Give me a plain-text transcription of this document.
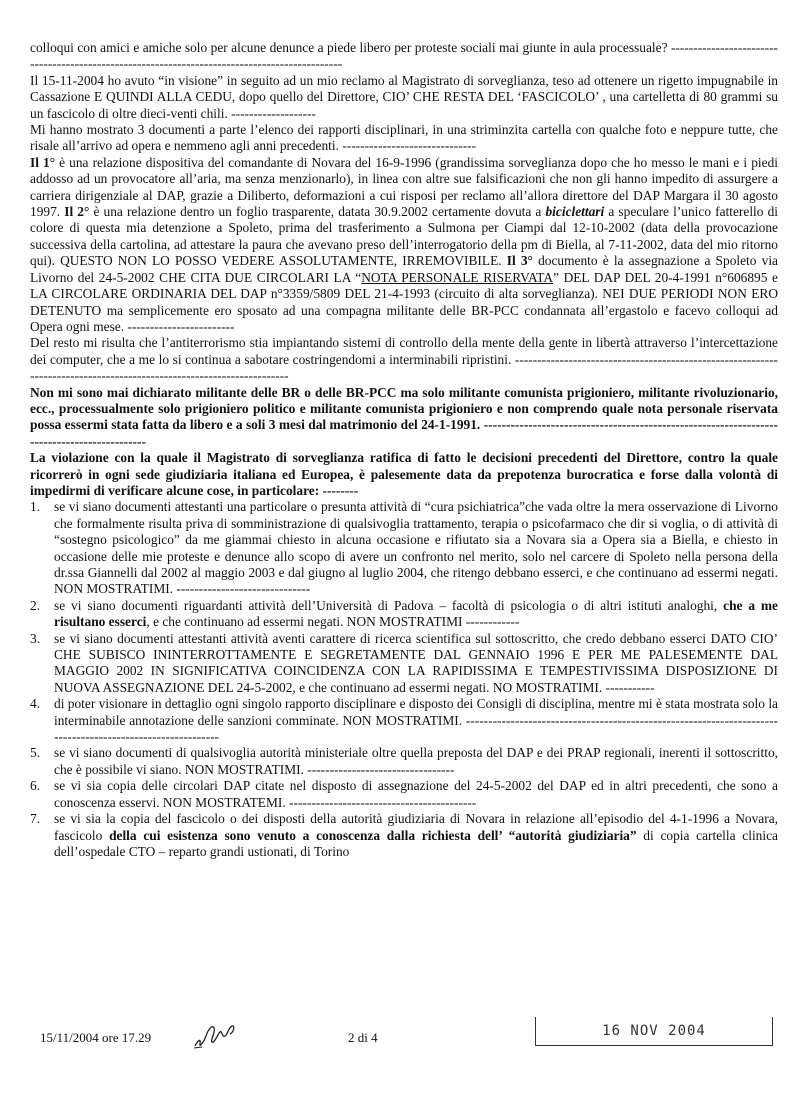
colloqui con amici e amiche solo per alcune denunce a piede libero per proteste sociali mai giunte in aula processuale? ----------------------------------------------------------------------------------------------

Il 15-11-2004 ho avuto “in visione” in seguito ad un mio reclamo al Magistrato di sorveglianza, teso ad ottenere un rigetto impugnabile in Cassazione E QUINDI ALLA CEDU, dopo quello del Direttore, CIO’ CHE RESTA DEL ‘FASCICOLO’ , una cartelletta di 80 grammi su un fascicolo di oltre dieci-venti chili. -------------------

Mi hanno mostrato 3 documenti a parte l’elenco dei rapporti disciplinari, in una striminzita cartella con qualche foto e neppure tutte, che risale all’arrivo ad opera e nemmeno agli anni precedenti. ------------------------------

Il 1° è una relazione dispositiva del comandante di Novara del 16-9-1996 (grandissima sorveglianza dopo che ho messo le mani e i piedi addosso ad un provocatore all’aria, ma senza menzionarlo), in linea con altre sue falsificazioni che non gli hanno impedito di assurgere a carriera dirigenziale al DAP, grazie a Diliberto, deformazioni a cui risposi per reclamo all’allora direttore del DAP Margara il 30 agosto 1997. Il 2° è una relazione dentro un foglio trasparente, datata 30.9.2002 certamente dovuta a biciclettari a speculare l’unico fatterello di colore di questa mia detenzione a Spoleto, prima del trasferimento a Sulmona per Ciampi dal 12-10-2002 (data della provocazione successiva della cartolina, ad attestare la paura che avevano preso dell’interrogatorio della pm di Biella, al 7-11-2002, data del mio ritorno qui). QUESTO NON LO POSSO VEDERE ASSOLUTAMENTE, IRREMOVIBILE. Il 3° documento è la assegnazione a Spoleto via Livorno del 24-5-2002 CHE CITA DUE CIRCOLARI LA “NOTA PERSONALE RISERVATA” DEL DAP DEL 20-4-1991 n°606895 e LA CIRCOLARE ORDINARIA DEL DAP n°3359/5809 DEL 21-4-1993 (circuito di alta sorveglianza). NEI DUE PERIODI NON ERO DETENUTO ma semplicemente ero sposato ad una compagna militante delle BR-PCC condannata all’ergastolo e facevo colloqui ad Opera ogni mese. ------------------------

Del resto mi risulta che l’antiterrorismo stia impiantando sistemi di controllo della mente della gente in libertà attraverso l’intercettazione dei computer, che a me lo si continua a sabotare costringendomi a interminabili ripristini. ---------------------------------------------------------------------------------------------------------------------

Non mi sono mai dichiarato militante delle BR o delle BR-PCC ma solo militante comunista prigioniero, militante rivoluzionario, ecc., processualmente solo prigioniero politico e militante comunista prigioniero e non comprendo quale nota personale riservata possa essermi stata fatta da libero e a soli 3 mesi dal matrimonio del 24-1-1991. --------------------------------------------------------------------------------------------

La violazione con la quale il Magistrato di sorveglianza ratifica di fatto le decisioni precedenti del Direttore, contro la quale ricorrerò in ogni sede giudiziaria italiana ed Europea, è palesemente data da prepotenza burocratica e forse dalla volontà di impedirmi di verificare alcune cose, in particolare: --------

1. se vi siano documenti attestanti una particolare o presunta attività di “cura psichiatrica”che vada oltre la mera osservazione di Livorno che formalmente risulta priva di somministrazione di qualsivoglia trattamento, terapia o psicofarmaco che dir si voglia, o di attività di “sostegno psicologico” da me giammai chiesto in alcuna occasione e rifiutato sia a Novara sia a Opera sia a Biella, e chiesto in occasione delle mie proteste e denunce allo scopo di avere un confronto nel merito, solo nel carcere di Spoleto nella persona della dr.ssa Giannelli dal 2002 al maggio 2003 e dal giugno al luglio 2004, che ritengo debbano esserci, e che continuano ad essermi negati. NON MOSTRATIMI. ------------------------------
2. se vi siano documenti riguardanti attività dell’Università di Padova – facoltà di psicologia o di altri istituti analoghi, che a me risultano esserci, e che continuano ad essermi negati. NON MOSTRATIMI ------------
3. se vi siano documenti attestanti attività aventi carattere di ricerca scientifica sul sottoscritto, che credo debbano esserci DATO CIO’ CHE SUBISCO ININTERROTTAMENTE E SEGRETAMENTE DAL GENNAIO 1996 E PER ME PALESEMENTE DAL MAGGIO 2002 IN SIGNIFICATIVA COINCIDENZA CON LA RAPIDISSIMA E TEMPESTIVISSIMA DISPOSIZIONE DI NUOVA ASSEGNAZIONE DEL 24-5-2002, e che continuano ad essermi negati. NO MOSTRATIMI. -----------
4. di poter visionare in dettaglio ogni singolo rapporto disciplinare e disposto dei Consigli di disciplina, mentre mi è stata mostrata solo la interminabile annotazione delle sanzioni comminate. NON MOSTRATIMI. -----------------------------------------------------------------------------------------------------------
5. se vi siano documenti di qualsivoglia autorità ministeriale oltre quella preposta del DAP e dei PRAP regionali, inerenti il sottoscritto, che è possibile vi siano. NON MOSTRATIMI. ---------------------------------
6. se vi sia copia delle circolari DAP citate nel disposto di assegnazione del 24-5-2002 del DAP ed in altri precedenti, che sono a conoscenza esservi. NON MOSTRATEMI. ------------------------------------------
7. se vi sia la copia del fascicolo o dei disposti della autorità giudiziaria di Novara in relazione all’episodio del 4-1-1996 a Novara, fascicolo della cui esistenza sono venuto a conoscenza dalla richiesta dell’ “autorità giudiziaria” di copia cartella clinica dell’ospedale CTO – reparto grandi ustionati, di Torino
15/11/2004 ore 17.29	2 di 4	16 NOV 2004
